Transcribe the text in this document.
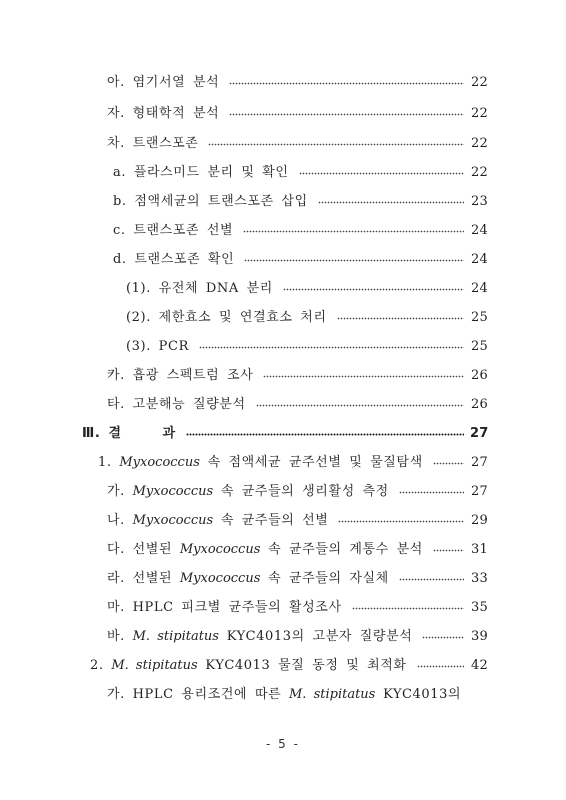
아. 염기서열 분석	22
자. 형태학적 분석	22
차. 트랜스포존	22
a. 플라스미드 분리 및 확인	22
b. 점액세균의 트랜스포존 삽입	23
c. 트랜스포존 선별	24
d. 트랜스포존 확인	24
(1). 유전체 DNA 분리	24
(2). 제한효소 및 연결효소 처리	25
(3). PCR	25
카. 흡광 스펙트럼 조사	26
타. 고분해능 질량분석	26
Ⅲ. 결　　　과	27
1. Myxococcus 속 점액세균 균주선별 및 물질탐색	27
가. Myxococcus 속 균주들의 생리활성 측정	27
나. Myxococcus 속 균주들의 선별	29
다. 선별된 Myxococcus 속 균주들의 계통수 분석	31
라. 선별된 Myxococcus 속 균주들의 자실체	33
마. HPLC 피크별 균주들의 활성조사	35
바. M. stipitatus KYC4013의 고분자 질량분석	39
2. M. stipitatus KYC4013 물질 동정 및 최적화	42
가. HPLC 용리조건에 따른 M. stipitatus KYC4013의
- 5 -
